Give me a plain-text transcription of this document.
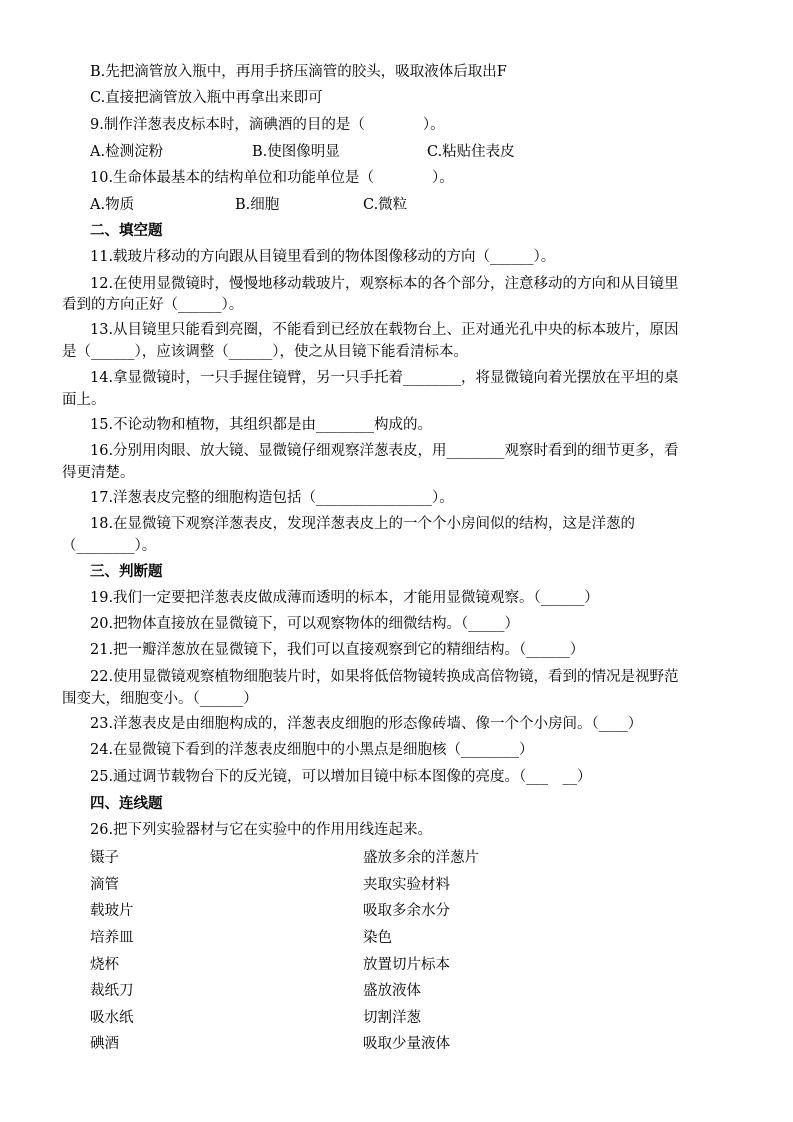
B.先把滴管放入瓶中，再用手挤压滴管的胶头，吸取液体后取出F
C.直接把滴管放入瓶中再拿出来即可
9.制作洋葱表皮标本时，滴碘酒的目的是（　　　　）。
A.检测淀粉	B.使图像明显	C.粘贴住表皮
10.生命体最基本的结构单位和功能单位是（　　　　）。
A.物质	B.细胞	C.微粒
二、填空题
11.载玻片移动的方向跟从目镜里看到的物体图像移动的方向（______）。
12.在使用显微镜时，慢慢地移动载玻片，观察标本的各个部分，注意移动的方向和从目镜里
看到的方向正好（______）。
13.从目镜里只能看到亮圈，不能看到已经放在载物台上、正对通光孔中央的标本玻片，原因
是（______），应该调整（______），使之从目镜下能看清标本。
14.拿显微镜时，一只手握住镜臂，另一只手托着________，将显微镜向着光摆放在平坦的桌
面上。
15.不论动物和植物，其组织都是由________构成的。
16.分别用肉眼、放大镜、显微镜仔细观察洋葱表皮，用________观察时看到的细节更多，看
得更清楚。
17.洋葱表皮完整的细胞构造包括（________________）。
18.在显微镜下观察洋葱表皮，发现洋葱表皮上的一个个小房间似的结构，这是洋葱的
（________）。
三、判断题
19.我们一定要把洋葱表皮做成薄而透明的标本，才能用显微镜观察。（______）
20.把物体直接放在显微镜下，可以观察物体的细微结构。（_____）
21.把一瓣洋葱放在显微镜下，我们可以直接观察到它的精细结构。（______）
22.使用显微镜观察植物细胞装片时，如果将低倍物镜转换成高倍物镜，看到的情况是视野范
围变大，细胞变小。（______）
23.洋葱表皮是由细胞构成的，洋葱表皮细胞的形态像砖墙、像一个个小房间。（____）
24.在显微镜下看到的洋葱表皮细胞中的小黑点是细胞核（________）
25.通过调节载物台下的反光镜，可以增加目镜中标本图像的亮度。（___　__）
四、连线题
26.把下列实验器材与它在实验中的作用用线连起来。
镊子	盛放多余的洋葱片
滴管	夹取实验材料
载玻片	吸取多余水分
培养皿	染色
烧杯	放置切片标本
裁纸刀	盛放液体
吸水纸	切割洋葱
碘酒	吸取少量液体
